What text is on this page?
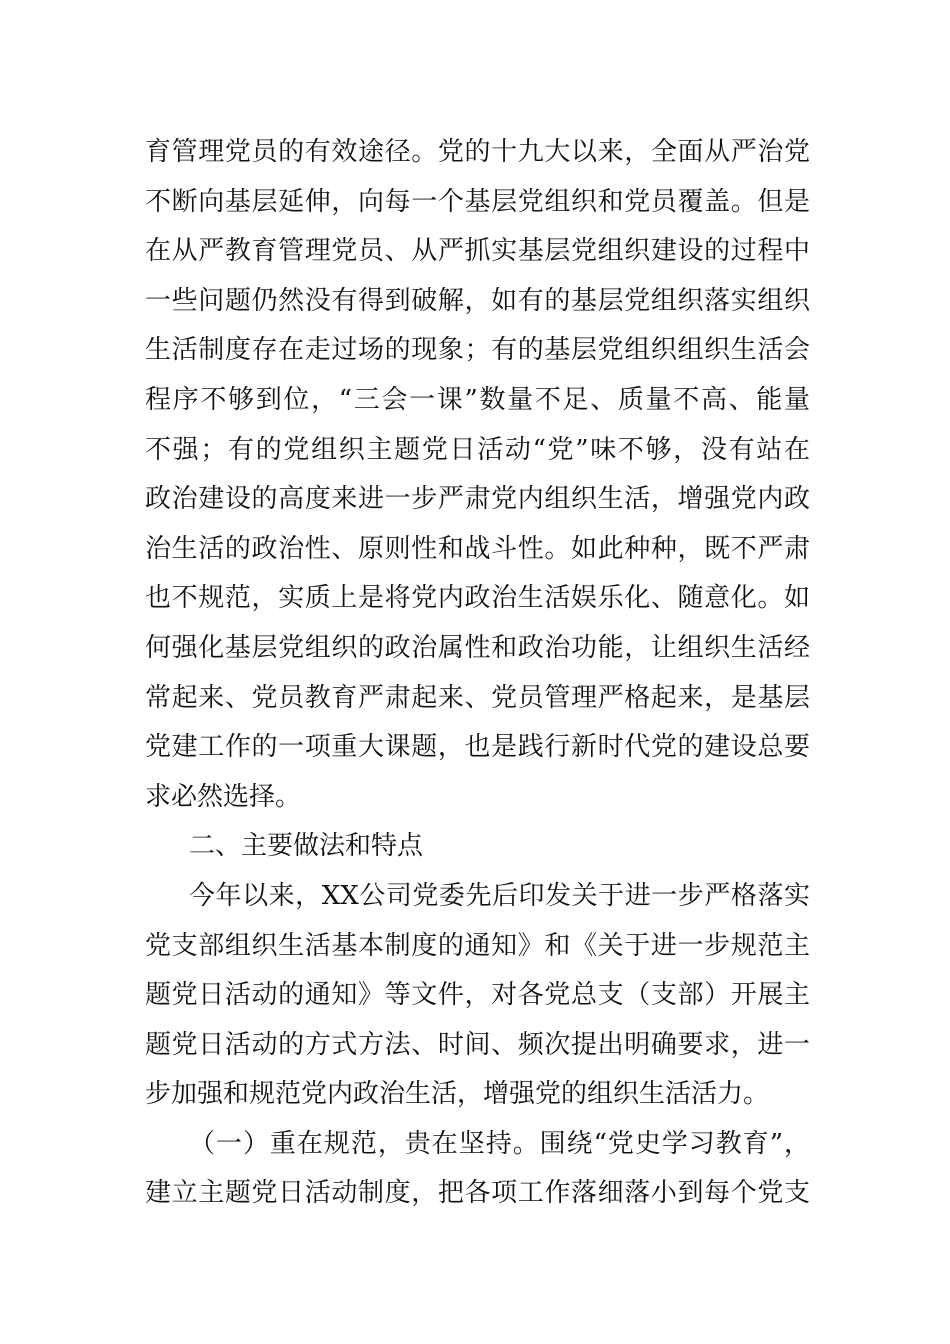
育管理党员的有效途径。党的十九大以来，全面从严治党
不断向基层延伸，向每一个基层党组织和党员覆盖。但是
在从严教育管理党员、从严抓实基层党组织建设的过程中
一些问题仍然没有得到破解，如有的基层党组织落实组织
生活制度存在走过场的现象；有的基层党组织组织生活会
程序不够到位，“三会一课”数量不足、质量不高、能量
不强；有的党组织主题党日活动“党”味不够，没有站在
政治建设的高度来进一步严肃党内组织生活，增强党内政
治生活的政治性、原则性和战斗性。如此种种，既不严肃
也不规范，实质上是将党内政治生活娱乐化、随意化。如
何强化基层党组织的政治属性和政治功能，让组织生活经
常起来、党员教育严肃起来、党员管理严格起来，是基层
党建工作的一项重大课题，也是践行新时代党的建设总要
求必然选择。
二、主要做法和特点
今年以来，XX公司党委先后印发关于进一步严格落实
党支部组织生活基本制度的通知》和《关于进一步规范主
题党日活动的通知》等文件，对各党总支（支部）开展主
题党日活动的方式方法、时间、频次提出明确要求，进一
步加强和规范党内政治生活，增强党的组织生活活力。
（一）重在规范，贵在坚持。围绕“党史学习教育”，
建立主题党日活动制度，把各项工作落细落小到每个党支
